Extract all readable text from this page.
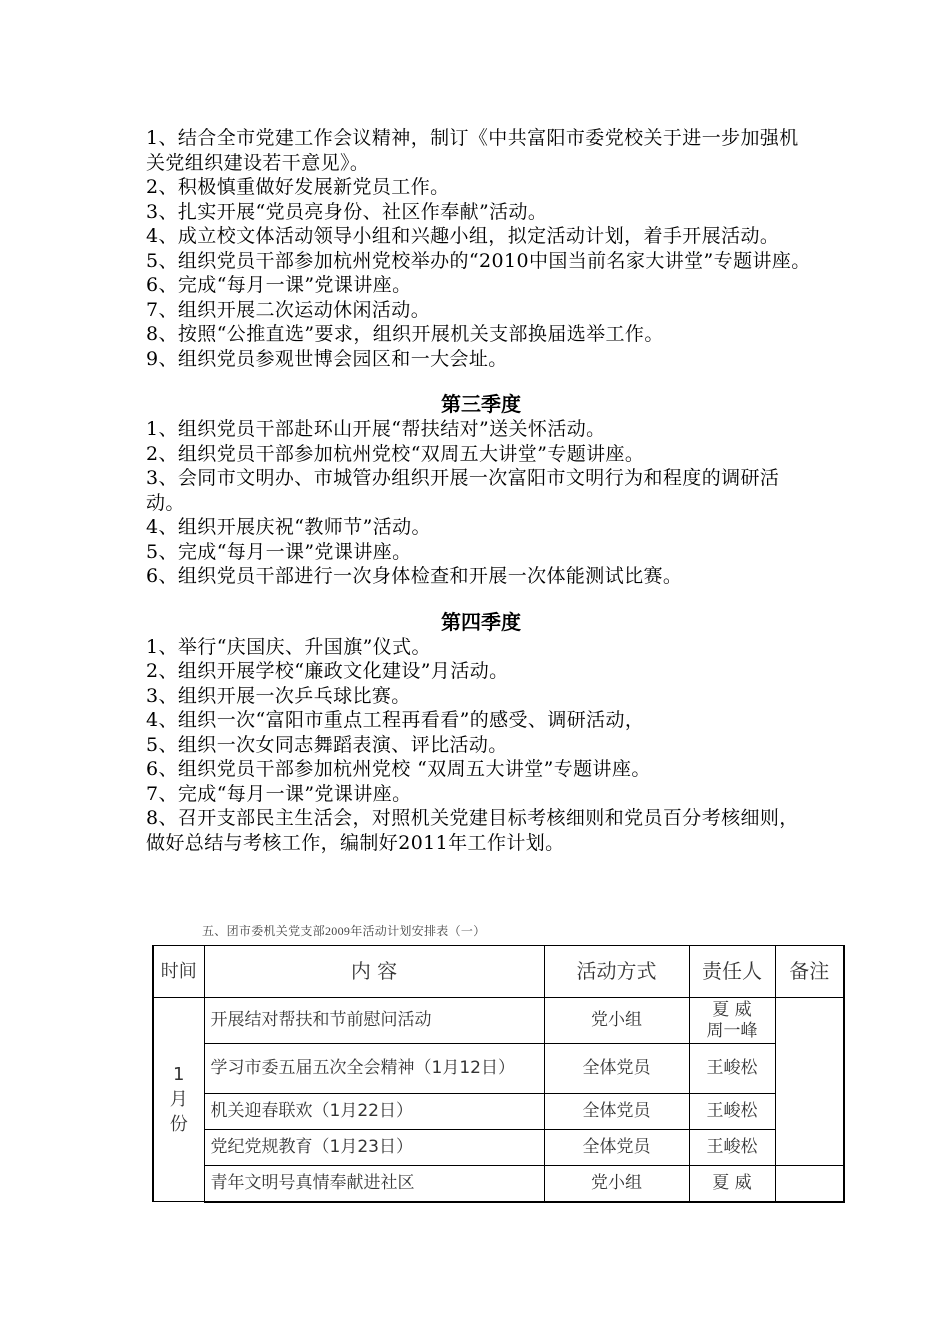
1、结合全市党建工作会议精神，制订《中共富阳市委党校关于进一步加强机关党组织建设若干意见》。

2、积极慎重做好发展新党员工作。

3、扎实开展“党员亮身份、社区作奉献”活动。

4、成立校文体活动领导小组和兴趣小组，拟定活动计划，着手开展活动。

5、组织党员干部参加杭州党校举办的“2010中国当前名家大讲堂”专题讲座。

6、完成“每月一课”党课讲座。

7、组织开展二次运动休闲活动。

8、按照“公推直选”要求，组织开展机关支部换届选举工作。

9、组织党员参观世博会园区和一大会址。

第三季度

1、组织党员干部赴环山开展“帮扶结对”送关怀活动。

2、组织党员干部参加杭州党校“双周五大讲堂”专题讲座。

3、会同市文明办、市城管办组织开展一次富阳市文明行为和程度的调研活动。

4、组织开展庆祝“教师节”活动。

5、完成“每月一课”党课讲座。

6、组织党员干部进行一次身体检查和开展一次体能测试比赛。

第四季度

1、举行“庆国庆、升国旗”仪式。

2、组织开展学校“廉政文化建设”月活动。

3、组织开展一次乒乓球比赛。

4、组织一次“富阳市重点工程再看看”的感受、调研活动，

5、组织一次女同志舞蹈表演、评比活动。

6、组织党员干部参加杭州党校 “双周五大讲堂”专题讲座。

7、完成“每月一课”党课讲座。

8、召开支部民主生活会，对照机关党建目标考核细则和党员百分考核细则，做好总结与考核工作，编制好2011年工作计划。

五、团市委机关党支部2009年活动计划安排表（一）
时间	内 容	活动方式	责任人	备注
1月份	开展结对帮扶和节前慰问活动	党小组	夏 威
周一峰	
	学习市委五届五次全会精神（1月12日）	全体党员	王峻松	
	机关迎春联欢（1月22日）	全体党员	王峻松	
	党纪党规教育（1月23日）	全体党员	王峻松	
	青年文明号真情奉献进社区	党小组	夏 威	
